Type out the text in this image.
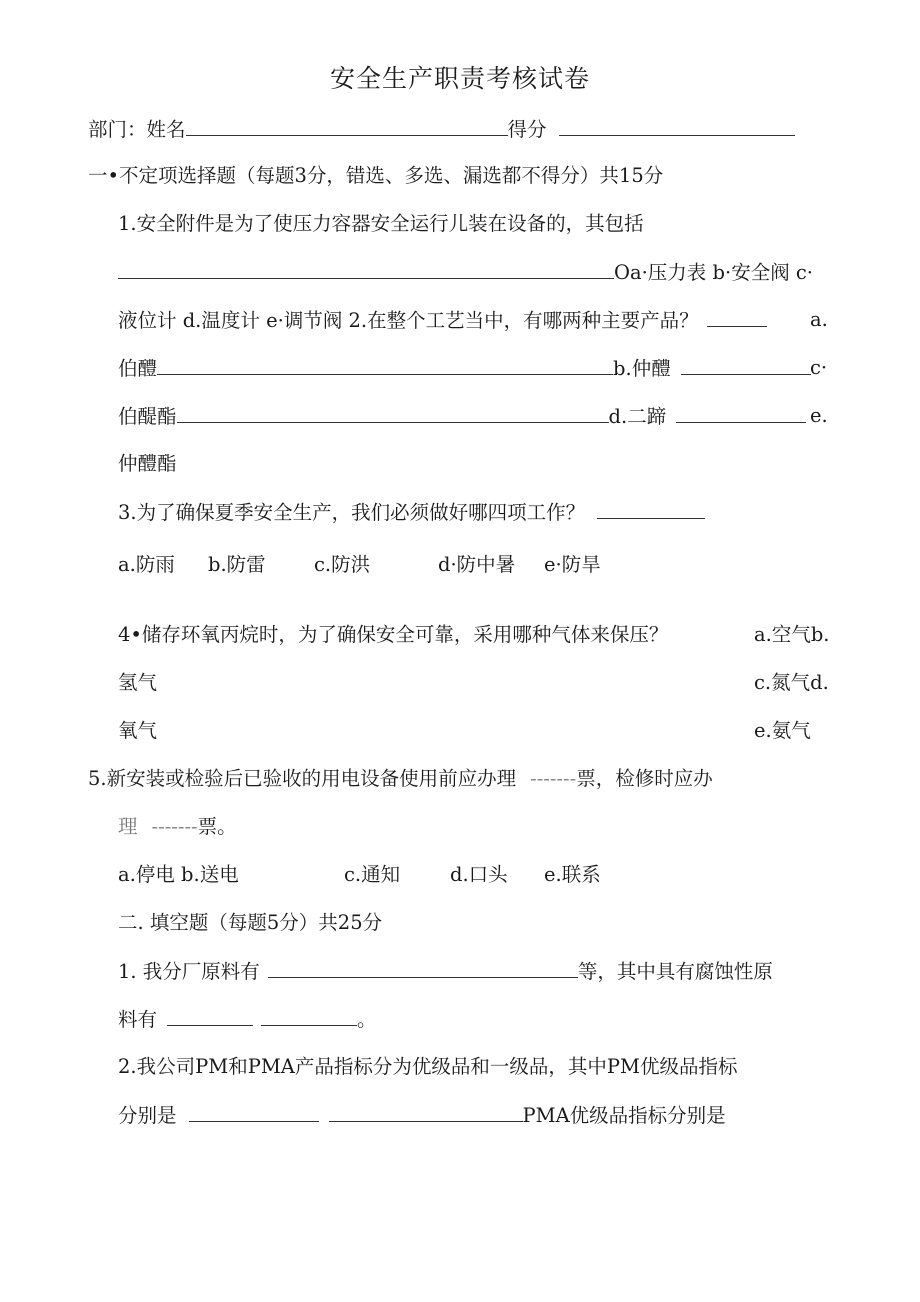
安全生产职责考核试卷
部门：姓名	得分
一•不定项选择题（每题3分，错选、多选、漏选都不得分）共15分
1.安全附件是为了使压力容器安全运行儿装在设备的，其包括
Oa·压力表 b·安全阀 c·
液位计 d.温度计 e·调节阀 2.在整个工艺当中，有哪两种主要产品？	a.
伯醴	b.仲醴	c·
伯醍酯	d.二蹄	e.
仲醴酯
3.为了确保夏季安全生产，我们必须做好哪四项工作？
a.防雨 b.防雷 c.防洪	d·防中暑 e·防旱
4•储存环氧丙烷时，为了确保安全可靠，采用哪种气体来保压？	a.空气b.
氢气	c.氮气d.
氧气	e.氨气
5.新安装或检验后已验收的用电设备使用前应办理 -------票，检修时应办
理 -------票。
a.停电 b.送电	c.通知	d.口头 e.联系
二. 填空题（每题5分）共25分
1. 我分厂原料有	等，其中具有腐蚀性原
料有	。
2.我公司PM和PMA产品指标分为优级品和一级品，其中PM优级品指标
分别是	PMA优级品指标分别是
